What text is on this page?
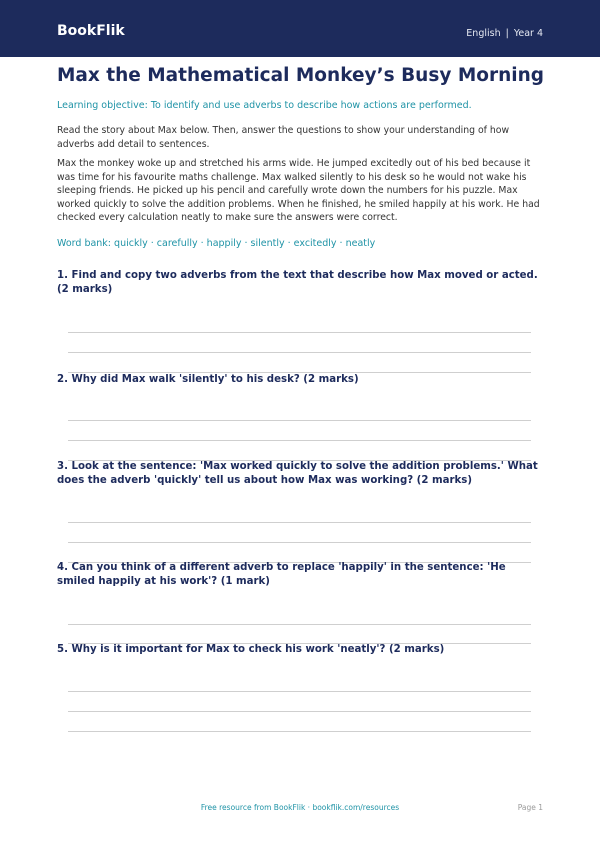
BookFlik	English | Year 4
Max the Mathematical Monkey’s Busy Morning
Learning objective: To identify and use adverbs to describe how actions are performed.

Read the story about Max below. Then, answer the questions to show your understanding of how adverbs add detail to sentences.

Max the monkey woke up and stretched his arms wide. He jumped excitedly out of his bed because it was time for his favourite maths challenge. Max walked silently to his desk so he would not wake his sleeping friends. He picked up his pencil and carefully wrote down the numbers for his puzzle. Max worked quickly to solve the addition problems. When he finished, he smiled happily at his work. He had checked every calculation neatly to make sure the answers were correct.

Word bank: quickly · carefully · happily · silently · excitedly · neatly

1. Find and copy two adverbs from the text that describe how Max moved or acted. (2 marks)

2. Why did Max walk 'silently' to his desk? (2 marks)

3. Look at the sentence: 'Max worked quickly to solve the addition problems.' What does the adverb 'quickly' tell us about how Max was working? (2 marks)

4. Can you think of a different adverb to replace 'happily' in the sentence: 'He smiled happily at his work'? (1 mark)

5. Why is it important for Max to check his work 'neatly'? (2 marks)

Free resource from BookFlik · bookflik.com/resources	Page 1
